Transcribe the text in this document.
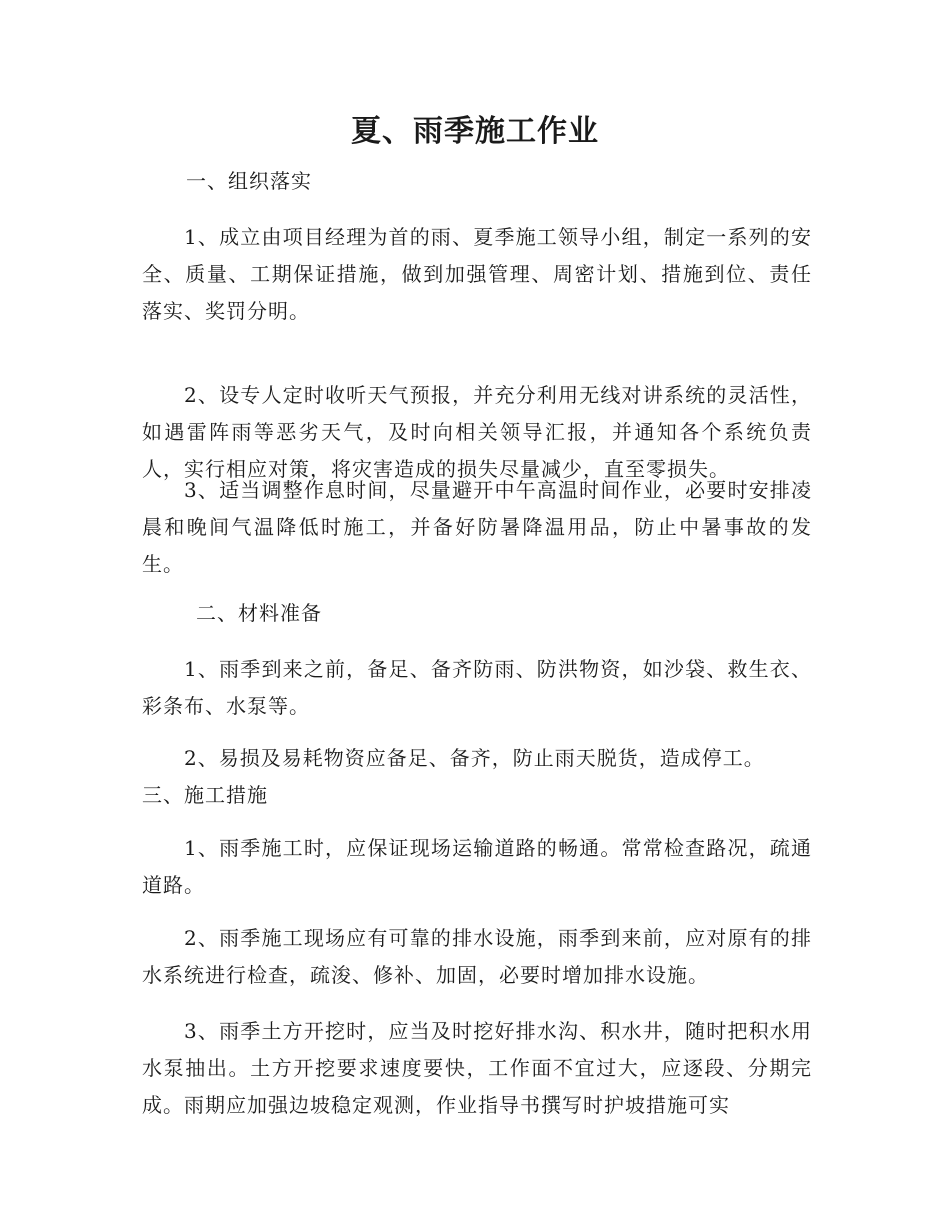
夏、雨季施工作业
一、组织落实

1、成立由项目经理为首的雨、夏季施工领导小组，制定一系列的安全、质量、工期保证措施，做到加强管理、周密计划、措施到位、责任落实、奖罚分明。

2、设专人定时收听天气预报，并充分利用无线对讲系统的灵活性，如遇雷阵雨等恶劣天气，及时向相关领导汇报，并通知各个系统负责人，实行相应对策，将灾害造成的损失尽量减少，直至零损失。

3、适当调整作息时间，尽量避开中午高温时间作业，必要时安排凌晨和晚间气温降低时施工，并备好防暑降温用品，防止中暑事故的发生。

二、材料准备

1、雨季到来之前，备足、备齐防雨、防洪物资，如沙袋、救生衣、彩条布、水泵等。

2、易损及易耗物资应备足、备齐，防止雨天脱货，造成停工。

三、施工措施

1、雨季施工时，应保证现场运输道路的畅通。常常检查路况，疏通道路。

2、雨季施工现场应有可靠的排水设施，雨季到来前，应对原有的排水系统进行检查，疏浚、修补、加固，必要时增加排水设施。

3、雨季土方开挖时，应当及时挖好排水沟、积水井，随时把积水用水泵抽出。土方开挖要求速度要快，工作面不宜过大，应逐段、分期完成。雨期应加强边坡稳定观测，作业指导书撰写时护坡措施可实
